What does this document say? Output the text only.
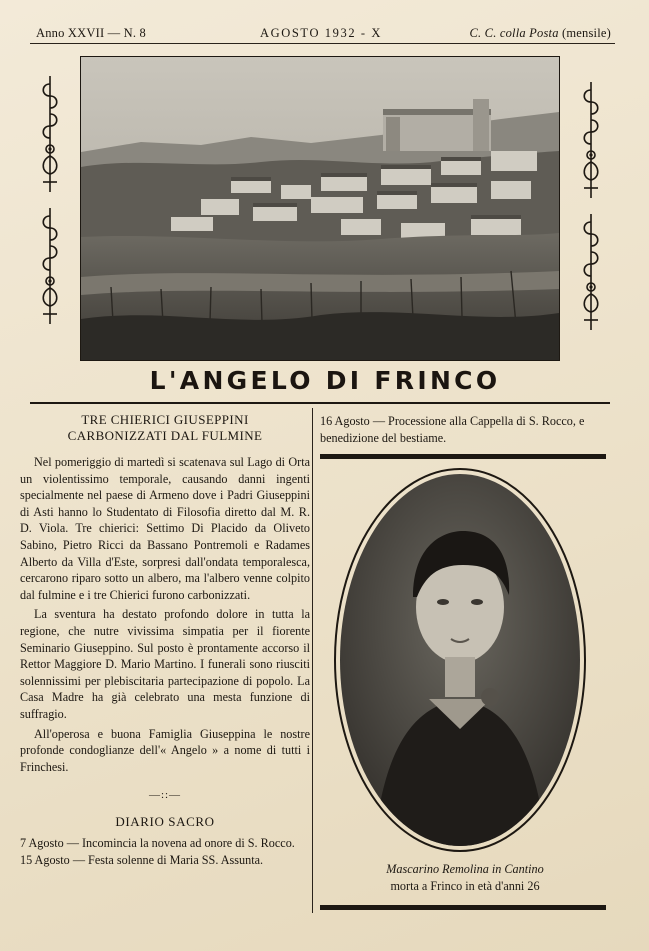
Anno XXVII — N. 8	AGOSTO 1932 - X	C. C. colla Posta (mensile)
L'ANGELO DI FRINCO
TRE CHIERICI GIUSEPPINI
CARBONIZZATI DAL FULMINE

Nel pomeriggio di martedì si scatenava sul Lago di Orta un violentissimo temporale, causando danni ingenti specialmente nel paese di Armeno dove i Padri Giuseppini di Asti hanno lo Studentato di Filosofia diretto dal M. R. D. Viola. Tre chierici: Settimo Di Placido da Oliveto Sabino, Pietro Ricci da Bassano Pontremoli e Radames Alberto da Villa d'Este, sorpresi dall'ondata temporalesca, cercarono riparo sotto un albero, ma l'albero venne colpito dal fulmine e i tre Chierici furono carbonizzati.

La sventura ha destato profondo dolore in tutta la regione, che nutre vivissima simpatia per il fiorente Seminario Giuseppino. Sul posto è prontamente accorso il Rettor Maggiore D. Mario Martino. I funerali sono riusciti solennissimi per plebiscitaria partecipazione di popolo. La Casa Madre ha già celebrato una mesta funzione di suffragio.

All'operosa e buona Famiglia Giuseppina le nostre profonde condoglianze dell'« Angelo » a nome di tutti i Frinchesi.

—::—
DIARIO SACRO

7 Agosto — Incomincia la novena ad onore di S. Rocco.

15 Agosto — Festa solenne di Maria SS. Assunta.

16 Agosto — Processione alla Cappella di S. Rocco, e benedizione del bestiame.
Mascarino Remolina in Cantino
morta a Frinco in età d'anni 26
